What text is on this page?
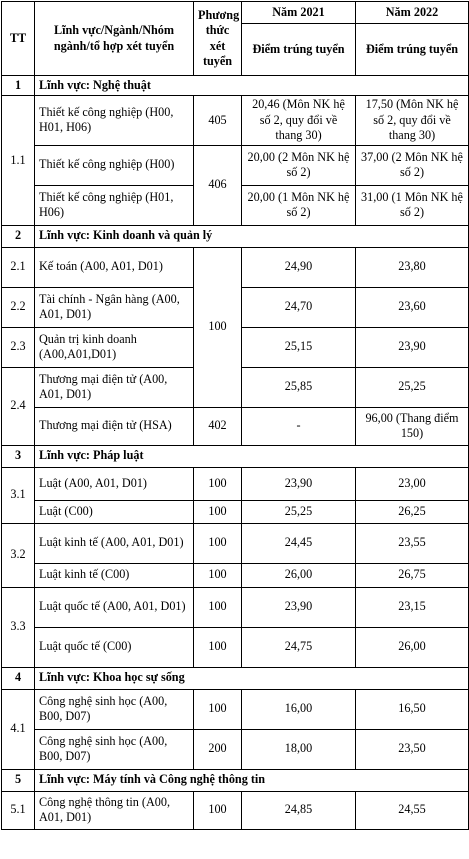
TT	Lĩnh vực/Ngành/Nhóm ngành/tổ hợp xét tuyển	Phương thức xét tuyển	Năm 2021	Năm 2022
			Điểm trúng tuyển	Điểm trúng tuyển
1	Lĩnh vực: Nghệ thuật			
1.1	Thiết kế công nghiệp (H00, H01, H06)	405	20,46 (Môn NK hệ số 2, quy đổi về thang 30)	17,50 (Môn NK hệ số 2, quy đổi về thang 30)
	Thiết kế công nghiệp (H00)	406	20,00 (2 Môn NK hệ số 2)	37,00 (2 Môn NK hệ số 2)
	Thiết kế công nghiệp (H01, H06)		20,00 (1 Môn NK hệ số 2)	31,00 (1 Môn NK hệ số 2)
2	Lĩnh vực: Kinh doanh và quản lý			
2.1	Kế toán (A00, A01, D01)	100	24,90	23,80
2.2	Tài chính - Ngân hàng (A00, A01, D01)		24,70	23,60
2.3	Quản trị kinh doanh (A00,A01,D01)		25,15	23,90
2.4	Thương mại điện tử (A00, A01, D01)		25,85	25,25
	Thương mại điện tử (HSA)	402	-	96,00 (Thang điểm 150)
3	Lĩnh vực: Pháp luật			
3.1	Luật (A00, A01, D01)	100	23,90	23,00
	Luật (C00)	100	25,25	26,25
3.2	Luật kinh tế (A00, A01, D01)	100	24,45	23,55
	Luật kinh tế (C00)	100	26,00	26,75
3.3	Luật quốc tế (A00, A01, D01)	100	23,90	23,15
	Luật quốc tế (C00)	100	24,75	26,00
4	Lĩnh vực: Khoa học sự sống			
4.1	Công nghệ sinh học (A00, B00, D07)	100	16,00	16,50
	Công nghệ sinh học (A00, B00, D07)	200	18,00	23,50
5	Lĩnh vực: Máy tính và Công nghệ thông tin			
5.1	Công nghệ thông tin (A00, A01, D01)	100	24,85	24,55
